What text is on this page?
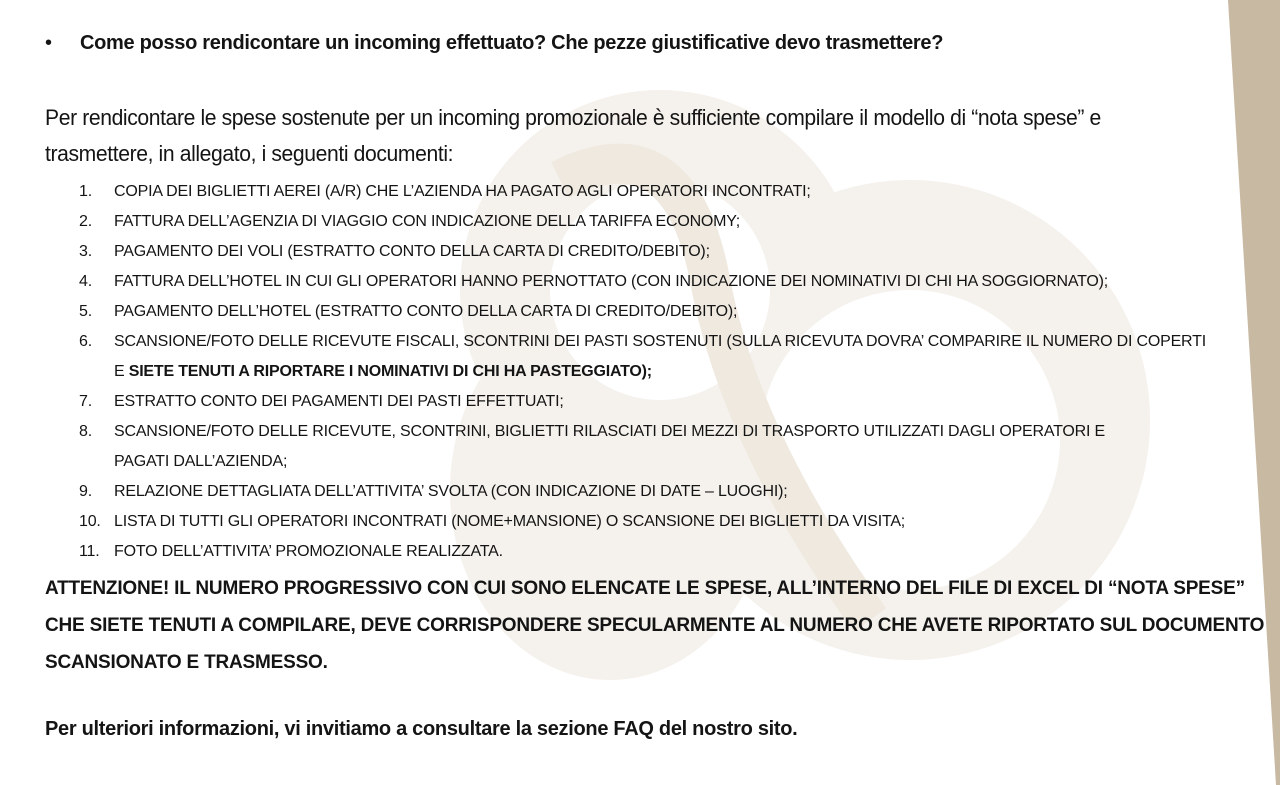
• Come posso rendicontare un incoming effettuato? Che pezze giustificative devo trasmettere?
Per rendicontare le spese sostenute per un incoming promozionale è sufficiente compilare il modello di “nota spese” e trasmettere, in allegato, i seguenti documenti:
1. COPIA DEI BIGLIETTI AEREI (A/R) CHE L’AZIENDA HA PAGATO AGLI OPERATORI INCONTRATI;
2. FATTURA DELL’AGENZIA DI VIAGGIO CON INDICAZIONE DELLA TARIFFA ECONOMY;
3. PAGAMENTO DEI VOLI (ESTRATTO CONTO DELLA CARTA DI CREDITO/DEBITO);
4. FATTURA DELL’HOTEL IN CUI GLI OPERATORI HANNO PERNOTTATO (CON INDICAZIONE DEI NOMINATIVI DI CHI HA SOGGIORNATO);
5. PAGAMENTO DELL’HOTEL (ESTRATTO CONTO DELLA CARTA DI CREDITO/DEBITO);
6. SCANSIONE/FOTO DELLE RICEVUTE FISCALI, SCONTRINI DEI PASTI SOSTENUTI (SULLA RICEVUTA DOVRA’ COMPARIRE IL NUMERO DI COPERTI
E SIETE TENUTI A RIPORTARE I NOMINATIVI DI CHI HA PASTEGGIATO);
7. ESTRATTO CONTO DEI PAGAMENTI DEI PASTI EFFETTUATI;
8. SCANSIONE/FOTO DELLE RICEVUTE, SCONTRINI, BIGLIETTI RILASCIATI DEI MEZZI DI TRASPORTO UTILIZZATI DAGLI OPERATORI E
PAGATI DALL’AZIENDA;
9. RELAZIONE DETTAGLIATA DELL’ATTIVITA’ SVOLTA (CON INDICAZIONE DI DATE – LUOGHI);
10. LISTA DI TUTTI GLI OPERATORI INCONTRATI (NOME+MANSIONE) O SCANSIONE DEI BIGLIETTI DA VISITA;
11. FOTO DELL’ATTIVITA’ PROMOZIONALE REALIZZATA.
ATTENZIONE! IL NUMERO PROGRESSIVO CON CUI SONO ELENCATE LE SPESE, ALL’INTERNO DEL FILE DI EXCEL DI “NOTA SPESE”
CHE SIETE TENUTI A COMPILARE, DEVE CORRISPONDERE SPECULARMENTE AL NUMERO CHE AVETE RIPORTATO SUL DOCUMENTO
SCANSIONATO E TRASMESSO.
Per ulteriori informazioni, vi invitiamo a consultare la sezione FAQ del nostro sito.
